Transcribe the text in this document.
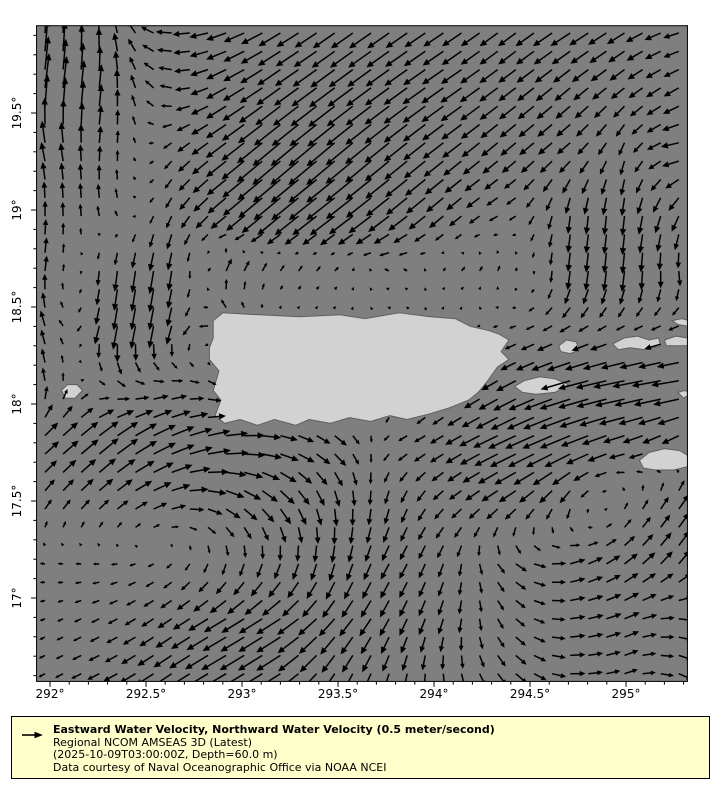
292°	292.5°	293°	293.5°	294°	294.5°	295°
17°
17.5°
18°
18.5°
19°
19.5°
Eastward Water Velocity, Northward Water Velocity (0.5 meter/second)
Regional NCOM AMSEAS 3D (Latest)
(2025-10-09T03:00:00Z, Depth=60.0 m)
Data courtesy of Naval Oceanographic Office via NOAA NCEI
